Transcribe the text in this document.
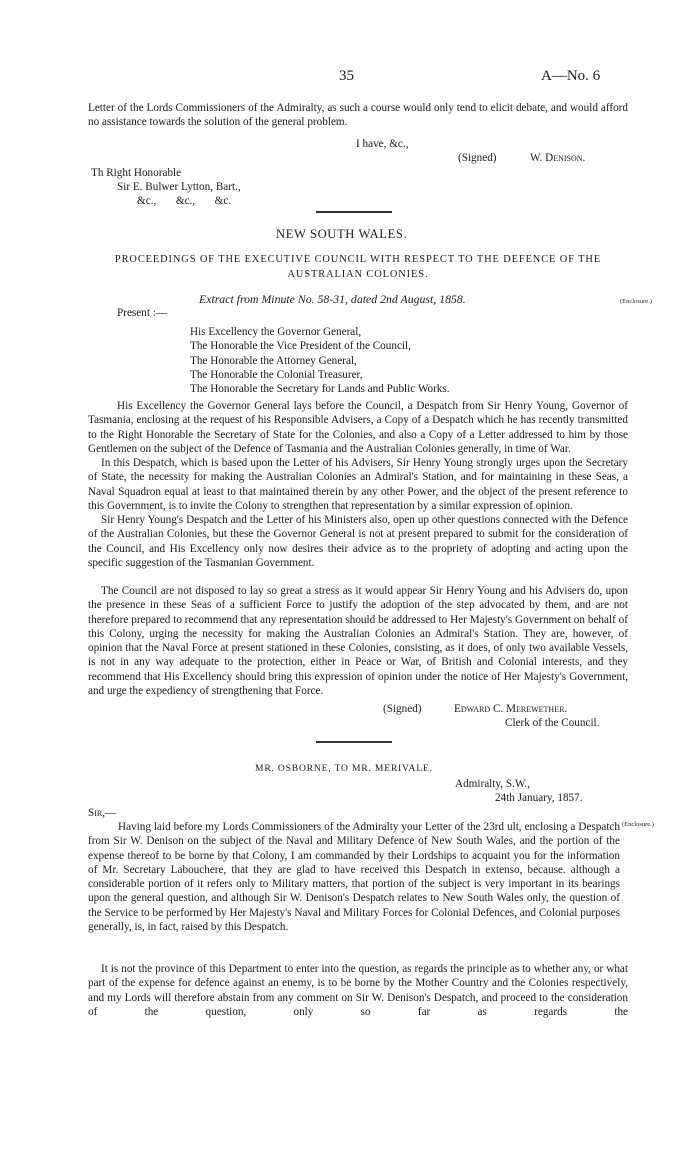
35	A—No. 6

Letter of the Lords Commissioners of the Admiralty, as such a course would only tend to elicit debate, and would afford no assistance towards the solution of the general problem.

I have, &c.,
(Signed)	W. Denison.
Th Right Honorable
Sir E. Bulwer Lytton, Bart.,
&c.,       &c.,       &c.
NEW SOUTH WALES.

PROCEEDINGS OF THE EXECUTIVE COUNCIL WITH RESPECT TO THE DEFENCE OF THE AUSTRALIAN COLONIES.

Extract from Minute No. 58-31, dated 2nd August, 1858.	(Enclosure.)
Present :—
His Excellency the Governor General,
The Honorable the Vice President of the Council,
The Honorable the Attorney General,
The Honorable the Colonial Treasurer,
The Honorable the Secretary for Lands and Public Works.

His Excellency the Governor General lays before the Council, a Despatch from Sir Henry Young, Governor of Tasmania, enclosing at the request of his Responsible Advisers, a Copy of a Despatch which he has recently transmitted to the Right Honorable the Secretary of State for the Colonies, and also a Copy of a Letter addressed to him by those Gentlemen on the subject of the Defence of Tasmania and the Australian Colonies generally, in time of War.

In this Despatch, which is based upon the Letter of his Advisers, Sir Henry Young strongly urges upon the Secretary of State, the necessity for making the Australian Colonies an Admiral's Station, and for maintaining in these Seas, a Naval Squadron equal at least to that maintained therein by any other Power, and the object of the present reference to this Government, is to invite the Colony to strengthen that representation by a similar expression of opinion.

Sir Henry Young's Despatch and the Letter of his Ministers also, open up other questions connected with the Defence of the Australian Colonies, but these the Governor General is not at present prepared to submit for the consideration of the Council, and His Excellency only now desires their advice as to the propriety of adopting and acting upon the specific suggestion of the Tasmanian Government.

The Council are not disposed to lay so great a stress as it would appear Sir Henry Young and his Advisers do, upon the presence in these Seas of a sufficient Force to justify the adoption of the step advocated by them, and are not therefore prepared to recommend that any representation should be addressed to Her Majesty's Government on behalf of this Colony, urging the necessity for making the Australian Colonies an Admiral's Station. They are, however, of opinion that the Naval Force at present stationed in these Colonies, consisting, as it does, of only two available Vessels, is not in any way adequate to the protection, either in Peace or War, of British and Colonial interests, and they recommend that His Excellency should bring this expression of opinion under the notice of Her Majesty's Government, and urge the expediency of strengthening that Force.

(Signed)	Edward C. Merewether.
Clerk of the Council.
MR. OSBORNE, TO MR. MERIVALE.
Admiralty, S.W.,
24th January, 1857.
Sir,—
(Enclosure.)

Having laid before my Lords Commissioners of the Admiralty your Letter of the 23rd ult, enclosing a Despatch from Sir W. Denison on the subject of the Naval and Military Defence of New South Wales, and the portion of the expense thereof to be borne by that Colony, I am commanded by their Lordships to acquaint you for the information of Mr. Secretary Labouchere, that they are glad to have received this Despatch in extenso, because. although a considerable portion of it refers only to Military matters, that portion of the subject is very important in its bearings upon the general question, and although Sir W. Denison's Despatch relates to New South Wales only, the question of the Service to be performed by Her Majesty's Naval and Military Forces for Colonial Defences, and Colonial purposes generally, is, in fact, raised by this Despatch.

It is not the province of this Department to enter into the question, as regards the principle as to whether any, or what part of the expense for defence against an enemy, is to be borne by the Mother Country and the Colonies respectively, and my Lords will therefore abstain from any comment on Sir W. Denison's Despatch, and proceed to the consideration of the question, only so far as regards the
